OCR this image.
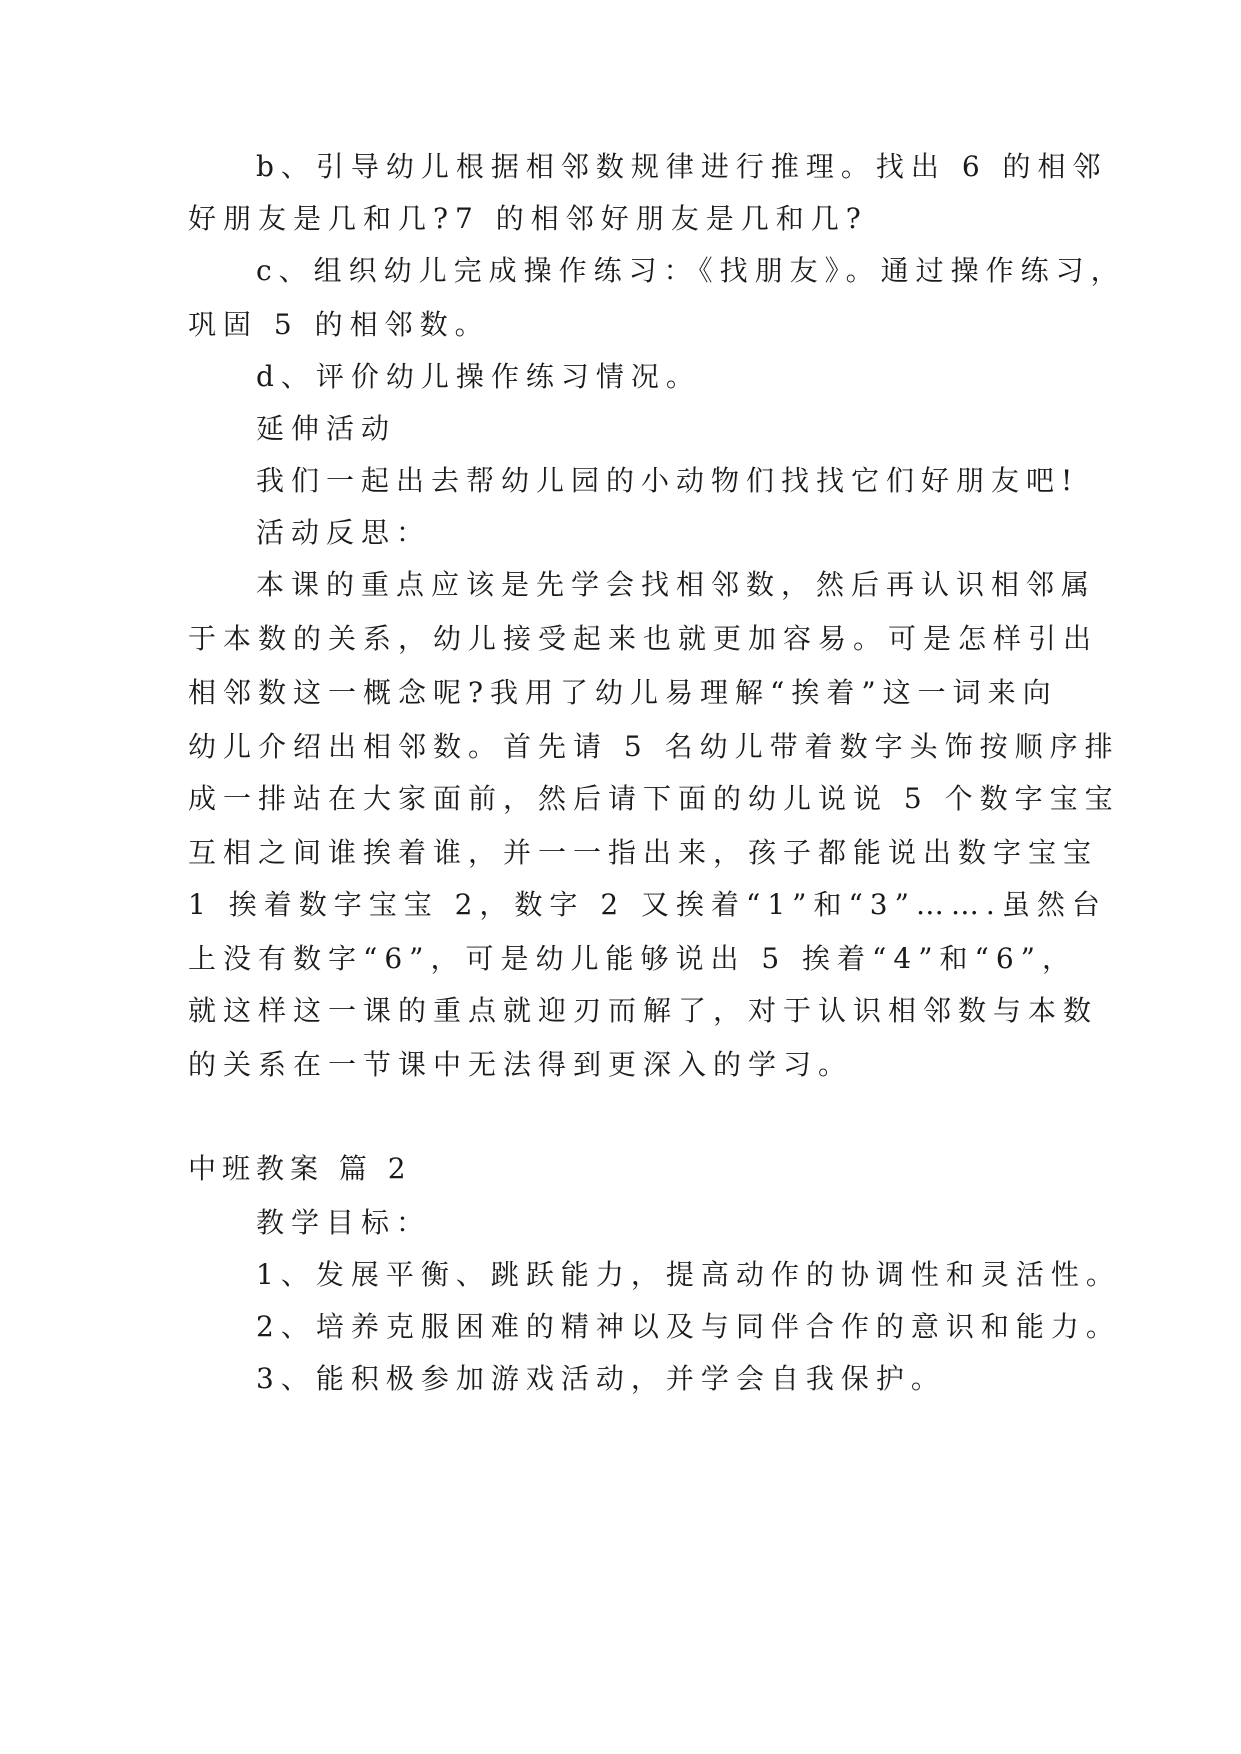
b、引导幼儿根据相邻数规律进行推理。找出 6 的相邻
好朋友是几和几?7 的相邻好朋友是几和几?
c、组织幼儿完成操作练习：《找朋友》。通过操作练习，
巩固 5 的相邻数。
d、评价幼儿操作练习情况。
延伸活动
我们一起出去帮幼儿园的小动物们找找它们好朋友吧!
活动反思：
本课的重点应该是先学会找相邻数，然后再认识相邻属
于本数的关系，幼儿接受起来也就更加容易。可是怎样引出
相邻数这一概念呢?我用了幼儿易理解“挨着”这一词来向
幼儿介绍出相邻数。首先请 5 名幼儿带着数字头饰按顺序排
成一排站在大家面前，然后请下面的幼儿说说 5 个数字宝宝
互相之间谁挨着谁，并一一指出来，孩子都能说出数字宝宝
1 挨着数字宝宝 2，数字 2 又挨着“1”和“3”…….虽然台
上没有数字“6”，可是幼儿能够说出 5 挨着“4”和“6”，
就这样这一课的重点就迎刃而解了，对于认识相邻数与本数
的关系在一节课中无法得到更深入的学习。
中班教案 篇 2
教学目标：
1、发展平衡、跳跃能力，提高动作的协调性和灵活性。
2、培养克服困难的精神以及与同伴合作的意识和能力。
3、能积极参加游戏活动，并学会自我保护。
